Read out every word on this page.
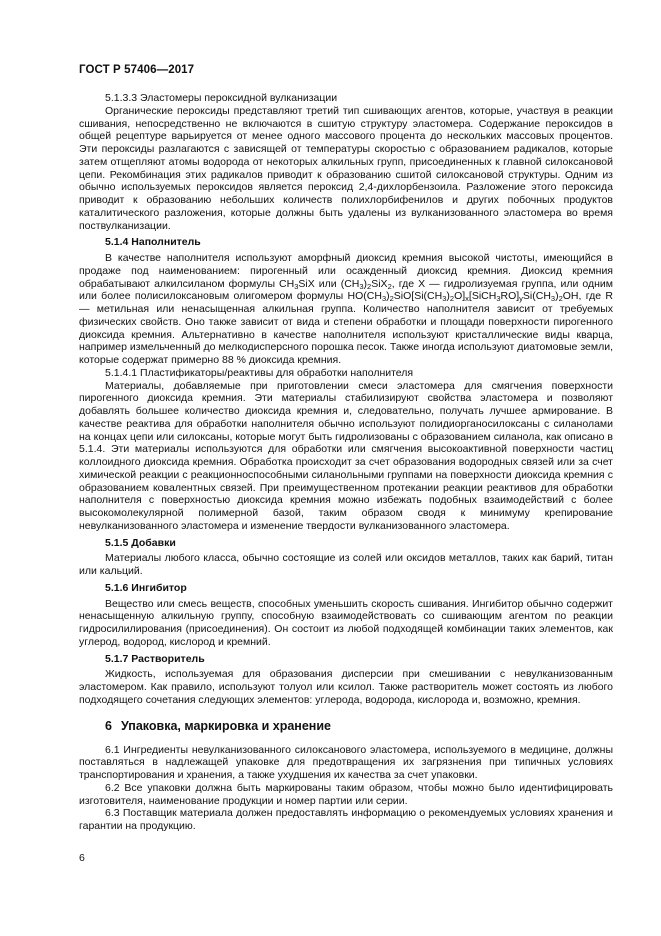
ГОСТ Р 57406—2017
5.1.3.3 Эластомеры пероксидной вулканизации

Органические пероксиды представляют третий тип сшивающих агентов, которые, участвуя в реакции сшивания, непосредственно не включаются в сшитую структуру эластомера. Содержание пероксидов в общей рецептуре варьируется от менее одного массового процента до нескольких массовых процентов. Эти пероксиды разлагаются с зависящей от температуры скоростью с образованием радикалов, которые затем отщепляют атомы водорода от некоторых алкильных групп, присоединенных к главной силоксановой цепи. Рекомбинация этих радикалов приводит к образованию сшитой силоксановой структуры. Одним из обычно используемых пероксидов является пероксид 2,4-дихлорбензоила. Разложение этого пероксида приводит к образованию небольших количеств полихлорбифенилов и других побочных продуктов каталитического разложения, которые должны быть удалены из вулканизованного эластомера во время поствулканизации.

5.1.4 Наполнитель

В качестве наполнителя используют аморфный диоксид кремния высокой чистоты, имеющийся в продаже под наименованием: пирогенный или осажденный диоксид кремния. Диоксид кремния обрабатывают алкилсиланом формулы $CH_3SiX$ или $(CH_3)_2SiX_2$, где X — гидролизуемая группа, или одним или более полисилоксановым олигомером формулы $HO(CH_3)_2SiO[Si(CH_3)_2O]_x[SiCH_3RO]_ySi(CH_3)_2OH$, где R — метильная или ненасыщенная алкильная группа. Количество наполнителя зависит от требуемых физических свойств. Оно также зависит от вида и степени обработки и площади поверхности пирогенного диоксида кремния. Альтернативно в качестве наполнителя используют кристаллические виды кварца, например измельченный до мелкодисперсного порошка песок. Также иногда используют диатомовые земли, которые содержат примерно 88 % диоксида кремния.

5.1.4.1 Пластификаторы/реактивы для обработки наполнителя

Материалы, добавляемые при приготовлении смеси эластомера для смягчения поверхности пирогенного диоксида кремния. Эти материалы стабилизируют свойства эластомера и позволяют добавлять большее количество диоксида кремния и, следовательно, получать лучшее армирование. В качестве реактива для обработки наполнителя обычно используют полидиорганосилоксаны с силанолами на концах цепи или силоксаны, которые могут быть гидролизованы с образованием силанола, как описано в 5.1.4. Эти материалы используются для обработки или смягчения высокоактивной поверхности частиц коллоидного диоксида кремния. Обработка происходит за счет образования водородных связей или за счет химической реакции с реакционноспособными силанольными группами на поверхности диоксида кремния с образованием ковалентных связей. При преимущественном протекании реакции реактивов для обработки наполнителя с поверхностью диоксида кремния можно избежать подобных взаимодействий с более высокомолекулярной полимерной базой, таким образом сводя к минимуму крепирование невулканизованного эластомера и изменение твердости вулканизованного эластомера.

5.1.5 Добавки

Материалы любого класса, обычно состоящие из солей или оксидов металлов, таких как барий, титан или кальций.

5.1.6 Ингибитор

Вещество или смесь веществ, способных уменьшить скорость сшивания. Ингибитор обычно содержит ненасыщенную алкильную группу, способную взаимодействовать со сшивающим агентом по реакции гидросилилирования (присоединения). Он состоит из любой подходящей комбинации таких элементов, как углерод, водород, кислород и кремний.

5.1.7 Растворитель

Жидкость, используемая для образования дисперсии при смешивании с невулканизованным эластомером. Как правило, используют толуол или ксилол. Также растворитель может состоять из любого подходящего сочетания следующих элементов: углерода, водорода, кислорода и, возможно, кремния.

6 Упаковка, маркировка и хранение

6.1 Ингредиенты невулканизованного силоксанового эластомера, используемого в медицине, должны поставляться в надлежащей упаковке для предотвращения их загрязнения при типичных условиях транспортирования и хранения, а также ухудшения их качества за счет упаковки.

6.2 Все упаковки должна быть маркированы таким образом, чтобы можно было идентифицировать изготовителя, наименование продукции и номер партии или серии.

6.3 Поставщик материала должен предоставлять информацию о рекомендуемых условиях хранения и гарантии на продукцию.

6
